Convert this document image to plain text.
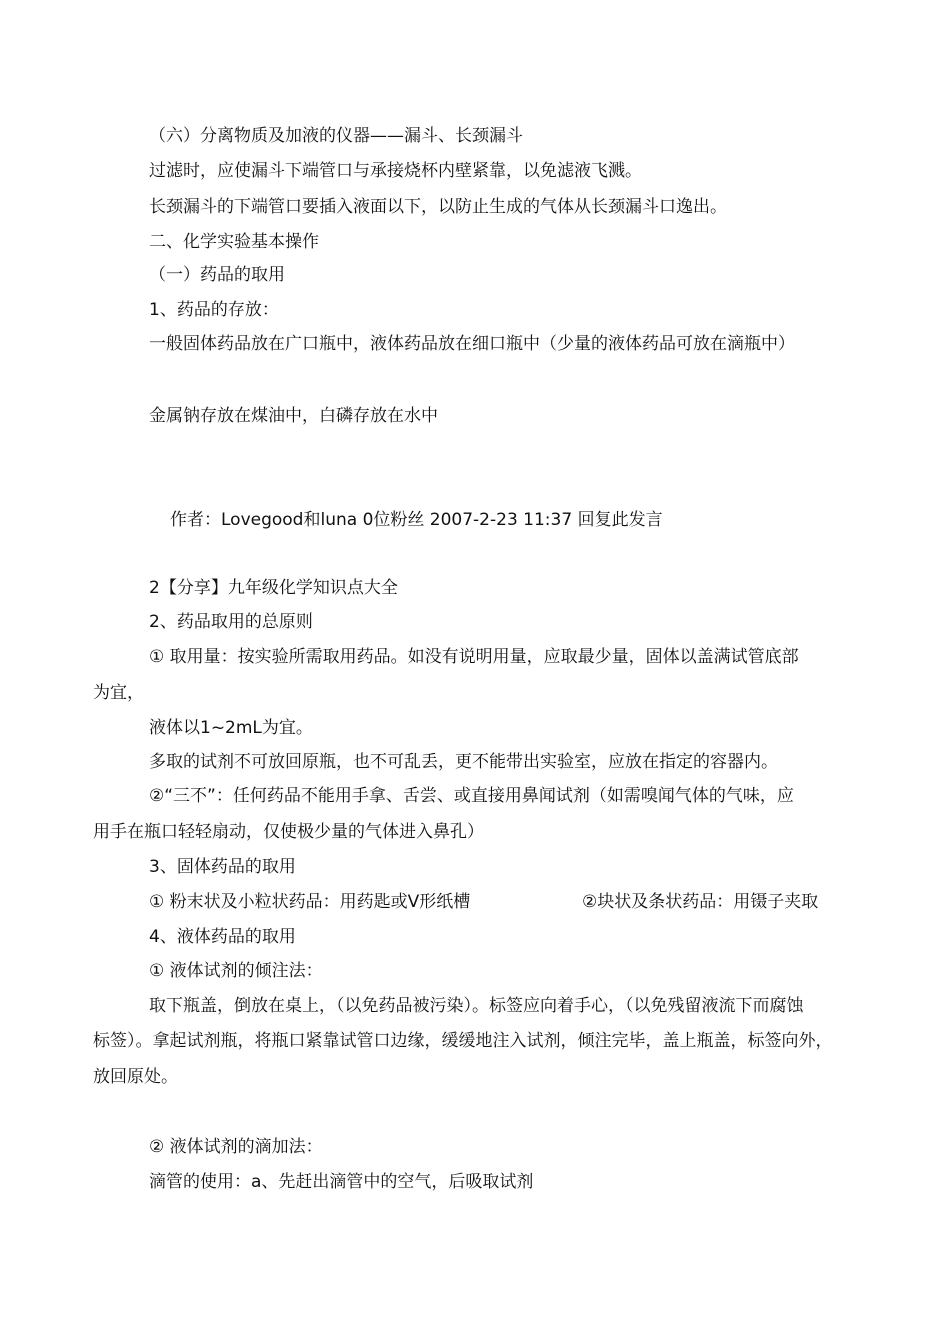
（六）分离物质及加液的仪器——漏斗、长颈漏斗
过滤时，应使漏斗下端管口与承接烧杯内壁紧靠，以免滤液飞溅。
长颈漏斗的下端管口要插入液面以下，以防止生成的气体从长颈漏斗口逸出。
二、化学实验基本操作
（一）药品的取用
1、药品的存放：
一般固体药品放在广口瓶中，液体药品放在细口瓶中（少量的液体药品可放在滴瓶中）
金属钠存放在煤油中，白磷存放在水中
作者：Lovegood和luna 0位粉丝 2007-2-23 11:37 回复此发言
2【分享】九年级化学知识点大全
2、药品取用的总原则
① 取用量：按实验所需取用药品。如没有说明用量，应取最少量，固体以盖满试管底部
为宜，
液体以1~2mL为宜。
多取的试剂不可放回原瓶，也不可乱丢，更不能带出实验室，应放在指定的容器内。
②“三不”：任何药品不能用手拿、舌尝、或直接用鼻闻试剂（如需嗅闻气体的气味，应
用手在瓶口轻轻扇动，仅使极少量的气体进入鼻孔）
3、固体药品的取用
① 粉末状及小粒状药品：用药匙或V形纸槽	②块状及条状药品：用镊子夹取
4、液体药品的取用
① 液体试剂的倾注法：
取下瓶盖，倒放在桌上，（以免药品被污染）。标签应向着手心，（以免残留液流下而腐蚀
标签）。拿起试剂瓶，将瓶口紧靠试管口边缘，缓缓地注入试剂，倾注完毕，盖上瓶盖，标签向外，
放回原处。
② 液体试剂的滴加法：
滴管的使用：a、先赶出滴管中的空气，后吸取试剂
